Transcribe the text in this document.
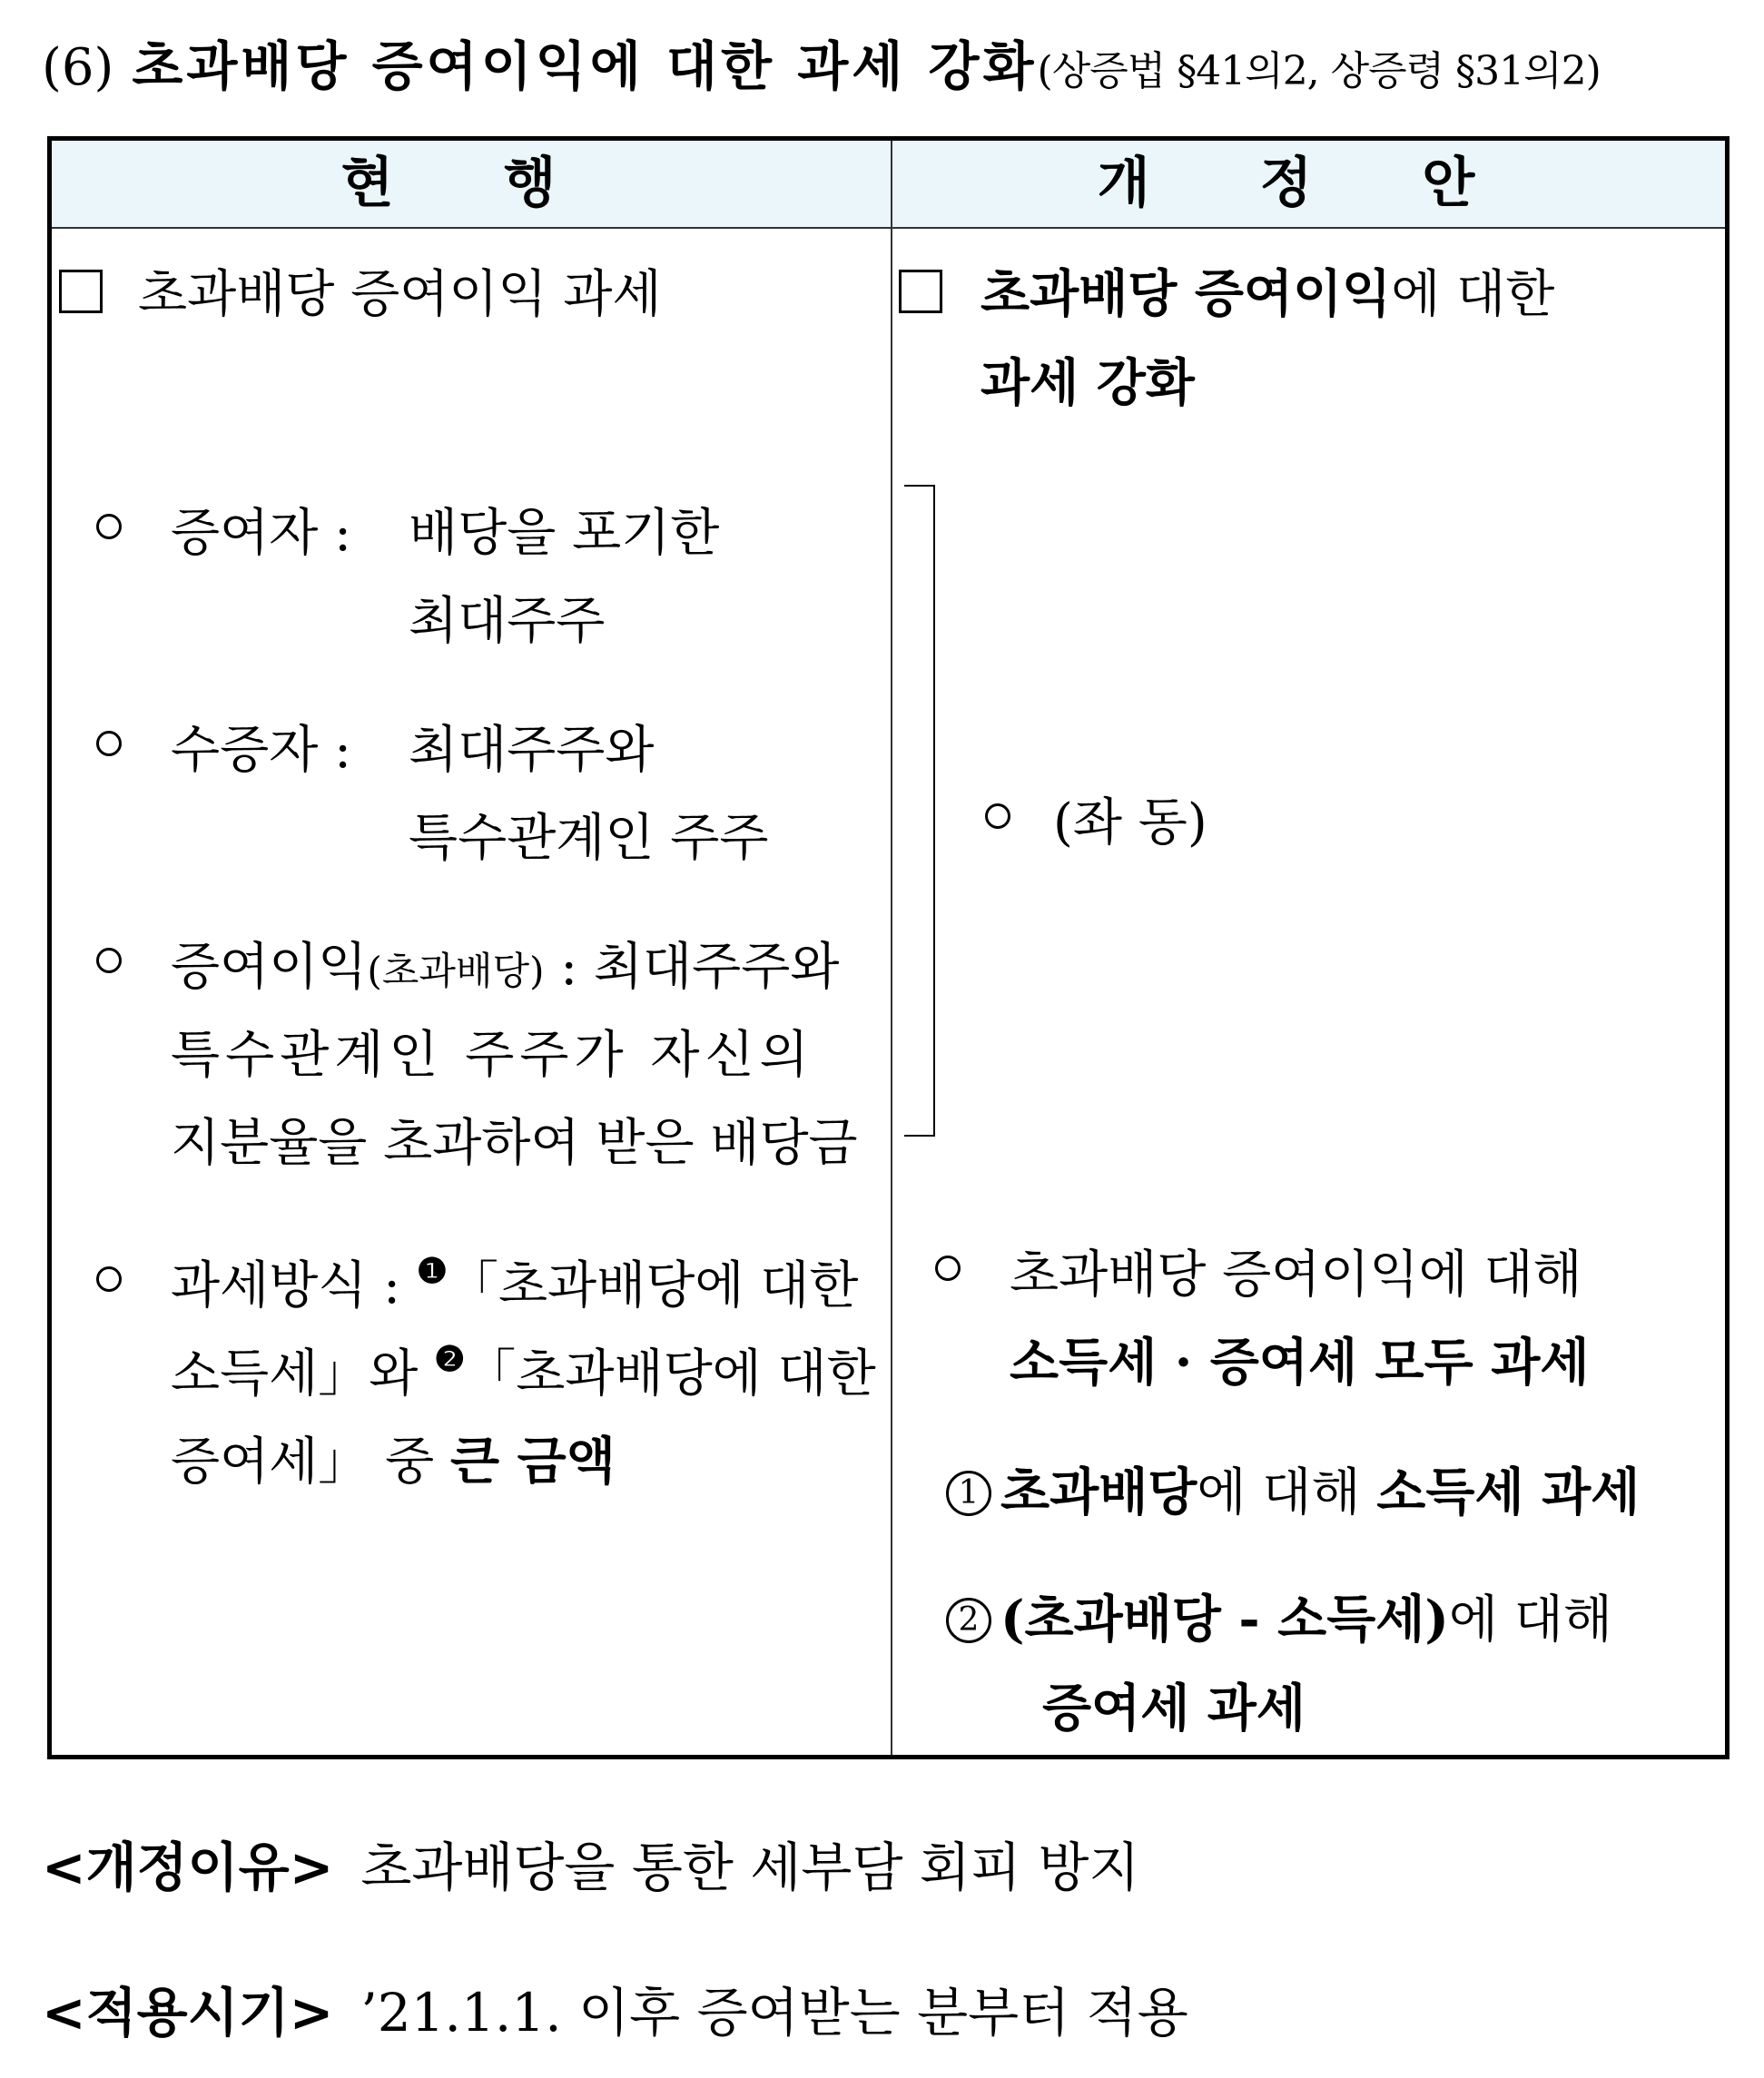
(6) 초과배당 증여이익에 대한 과세 강화(상증법 §41의2, 상증령 §31의2)
현 행	개 정 안
초과배당 증여이익 과세
증여자 : 배당을 포기한
최대주주
수증자 : 최대주주와
특수관계인 주주
증여이익(초과배당) : 최대주주와
특수관계인 주주가 자신의
지분율을 초과하여 받은 배당금
과세방식 : $^❶$「초과배당에 대한
소득세」와 $^❷$「초과배당에 대한
증여세」 중 큰 금액
초과배당 증여이익에 대한
과세 강화
(좌 동)
초과배당 증여이익에 대해
소득세 · 증여세 모두 과세
1 초과배당에 대해 소득세 과세
2 (초과배당 - 소득세)에 대해
증여세 과세
<개정이유> 초과배당을 통한 세부담 회피 방지
<적용시기> ’21.1.1. 이후 증여받는 분부터 적용
